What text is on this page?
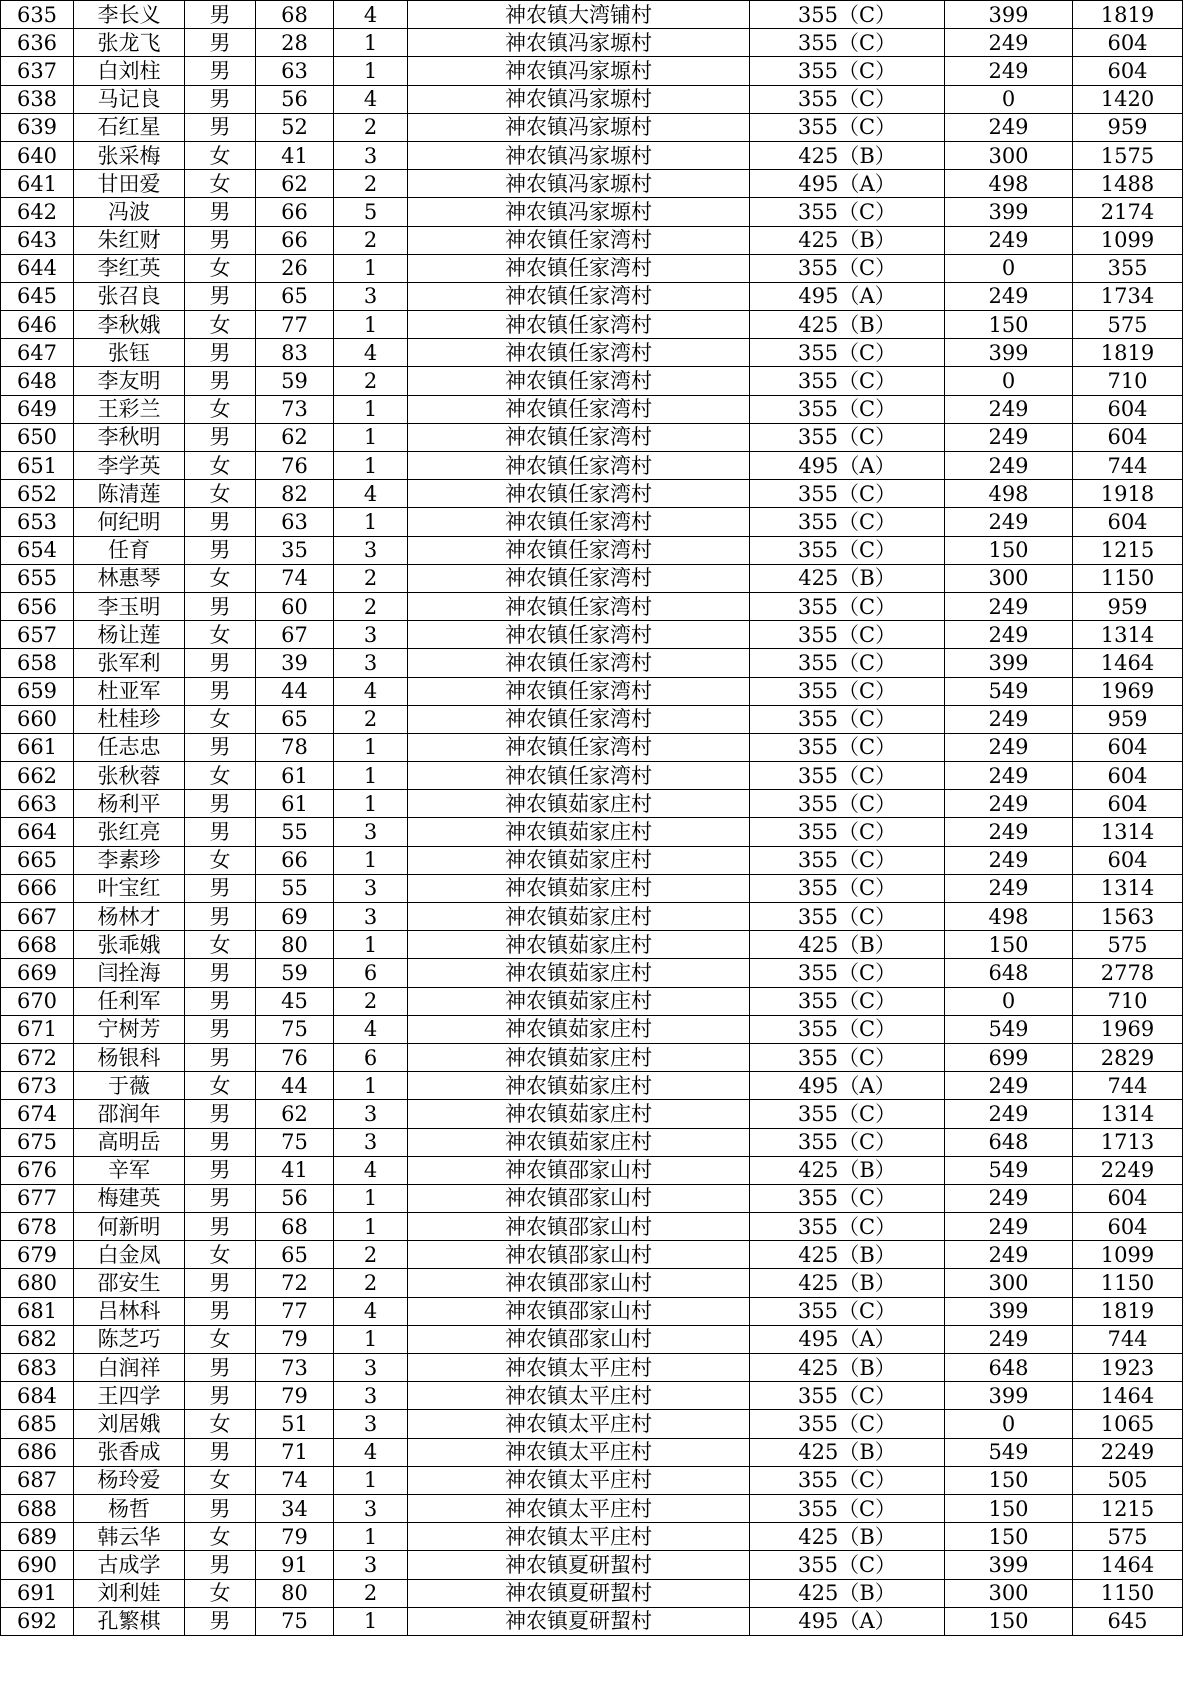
635	李长义	男	68	4	神农镇大湾铺村	355（C）	399	1819
636	张龙飞	男	28	1	神农镇冯家塬村	355（C）	249	604
637	白刘柱	男	63	1	神农镇冯家塬村	355（C）	249	604
638	马记良	男	56	4	神农镇冯家塬村	355（C）	0	1420
639	石红星	男	52	2	神农镇冯家塬村	355（C）	249	959
640	张采梅	女	41	3	神农镇冯家塬村	425（B）	300	1575
641	甘田爱	女	62	2	神农镇冯家塬村	495（A）	498	1488
642	冯波	男	66	5	神农镇冯家塬村	355（C）	399	2174
643	朱红财	男	66	2	神农镇任家湾村	425（B）	249	1099
644	李红英	女	26	1	神农镇任家湾村	355（C）	0	355
645	张召良	男	65	3	神农镇任家湾村	495（A）	249	1734
646	李秋娥	女	77	1	神农镇任家湾村	425（B）	150	575
647	张钰	男	83	4	神农镇任家湾村	355（C）	399	1819
648	李友明	男	59	2	神农镇任家湾村	355（C）	0	710
649	王彩兰	女	73	1	神农镇任家湾村	355（C）	249	604
650	李秋明	男	62	1	神农镇任家湾村	355（C）	249	604
651	李学英	女	76	1	神农镇任家湾村	495（A）	249	744
652	陈清莲	女	82	4	神农镇任家湾村	355（C）	498	1918
653	何纪明	男	63	1	神农镇任家湾村	355（C）	249	604
654	任育	男	35	3	神农镇任家湾村	355（C）	150	1215
655	林惠琴	女	74	2	神农镇任家湾村	425（B）	300	1150
656	李玉明	男	60	2	神农镇任家湾村	355（C）	249	959
657	杨让莲	女	67	3	神农镇任家湾村	355（C）	249	1314
658	张军利	男	39	3	神农镇任家湾村	355（C）	399	1464
659	杜亚军	男	44	4	神农镇任家湾村	355（C）	549	1969
660	杜桂珍	女	65	2	神农镇任家湾村	355（C）	249	959
661	任志忠	男	78	1	神农镇任家湾村	355（C）	249	604
662	张秋蓉	女	61	1	神农镇任家湾村	355（C）	249	604
663	杨利平	男	61	1	神农镇茹家庄村	355（C）	249	604
664	张红亮	男	55	3	神农镇茹家庄村	355（C）	249	1314
665	李素珍	女	66	1	神农镇茹家庄村	355（C）	249	604
666	叶宝红	男	55	3	神农镇茹家庄村	355（C）	249	1314
667	杨林才	男	69	3	神农镇茹家庄村	355（C）	498	1563
668	张乖娥	女	80	1	神农镇茹家庄村	425（B）	150	575
669	闫拴海	男	59	6	神农镇茹家庄村	355（C）	648	2778
670	任利军	男	45	2	神农镇茹家庄村	355（C）	0	710
671	宁树芳	男	75	4	神农镇茹家庄村	355（C）	549	1969
672	杨银科	男	76	6	神农镇茹家庄村	355（C）	699	2829
673	于薇	女	44	1	神农镇茹家庄村	495（A）	249	744
674	邵润年	男	62	3	神农镇茹家庄村	355（C）	249	1314
675	高明岳	男	75	3	神农镇茹家庄村	355（C）	648	1713
676	辛军	男	41	4	神农镇邵家山村	425（B）	549	2249
677	梅建英	男	56	1	神农镇邵家山村	355（C）	249	604
678	何新明	男	68	1	神农镇邵家山村	355（C）	249	604
679	白金凤	女	65	2	神农镇邵家山村	425（B）	249	1099
680	邵安生	男	72	2	神农镇邵家山村	425（B）	300	1150
681	吕林科	男	77	4	神农镇邵家山村	355（C）	399	1819
682	陈芝巧	女	79	1	神农镇邵家山村	495（A）	249	744
683	白润祥	男	73	3	神农镇太平庄村	425（B）	648	1923
684	王四学	男	79	3	神农镇太平庄村	355（C）	399	1464
685	刘居娥	女	51	3	神农镇太平庄村	355（C）	0	1065
686	张香成	男	71	4	神农镇太平庄村	425（B）	549	2249
687	杨玲爱	女	74	1	神农镇太平庄村	355（C）	150	505
688	杨哲	男	34	3	神农镇太平庄村	355（C）	150	1215
689	韩云华	女	79	1	神农镇太平庄村	425（B）	150	575
690	古成学	男	91	3	神农镇夏研蛪村	355（C）	399	1464
691	刘利娃	女	80	2	神农镇夏研蛪村	425（B）	300	1150
692	孔繁棋	男	75	1	神农镇夏研蛪村	495（A）	150	645
